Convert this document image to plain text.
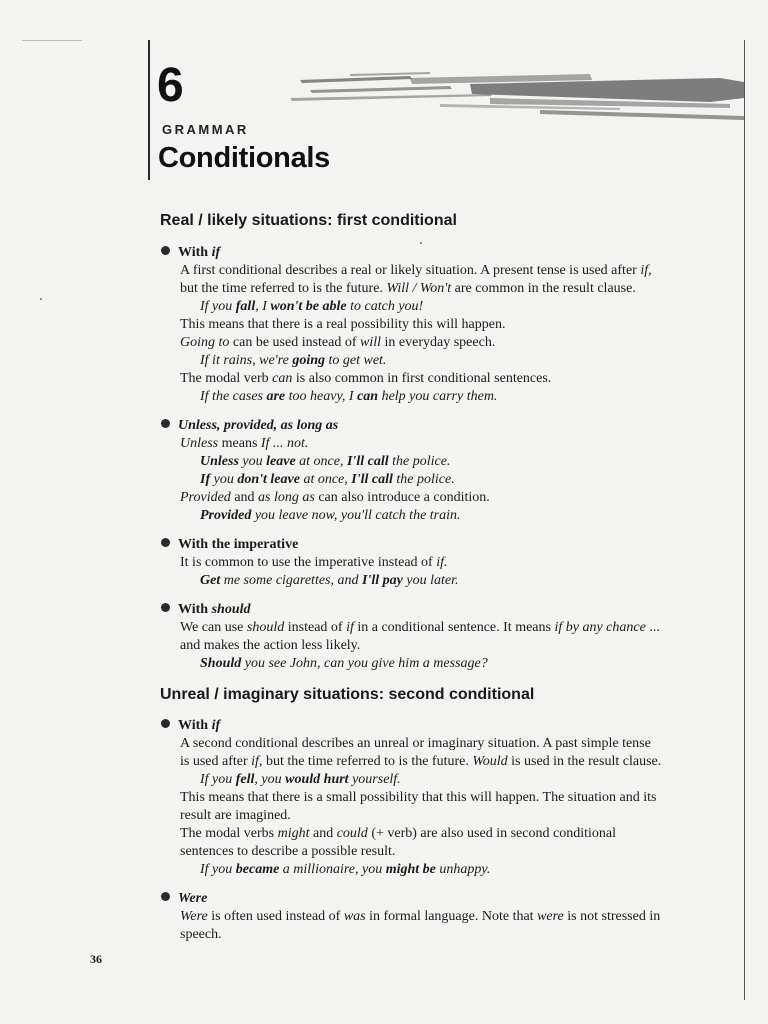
6
GRAMMAR
Conditionals
Real / likely situations: first conditional
With if
A first conditional describes a real or likely situation. A present tense is used after if,
but the time referred to is the future. Will / Won't are common in the result clause.
If you fall, I won't be able to catch you!
This means that there is a real possibility this will happen.
Going to can be used instead of will in everyday speech.
If it rains, we're going to get wet.
The modal verb can is also common in first conditional sentences.
If the cases are too heavy, I can help you carry them.
Unless, provided, as long as
Unless means If ... not.
Unless you leave at once, I'll call the police.
If you don't leave at once, I'll call the police.
Provided and as long as can also introduce a condition.
Provided you leave now, you'll catch the train.
With the imperative
It is common to use the imperative instead of if.
Get me some cigarettes, and I'll pay you later.
With should
We can use should instead of if in a conditional sentence. It means if by any chance ...
and makes the action less likely.
Should you see John, can you give him a message?
Unreal / imaginary situations: second conditional
With if
A second conditional describes an unreal or imaginary situation. A past simple tense
is used after if, but the time referred to is the future. Would is used in the result clause.
If you fell, you would hurt yourself.
This means that there is a small possibility that this will happen. The situation and its
result are imagined.
The modal verbs might and could (+ verb) are also used in second conditional
sentences to describe a possible result.
If you became a millionaire, you might be unhappy.
Were
Were is often used instead of was in formal language. Note that were is not stressed in
speech.
36
